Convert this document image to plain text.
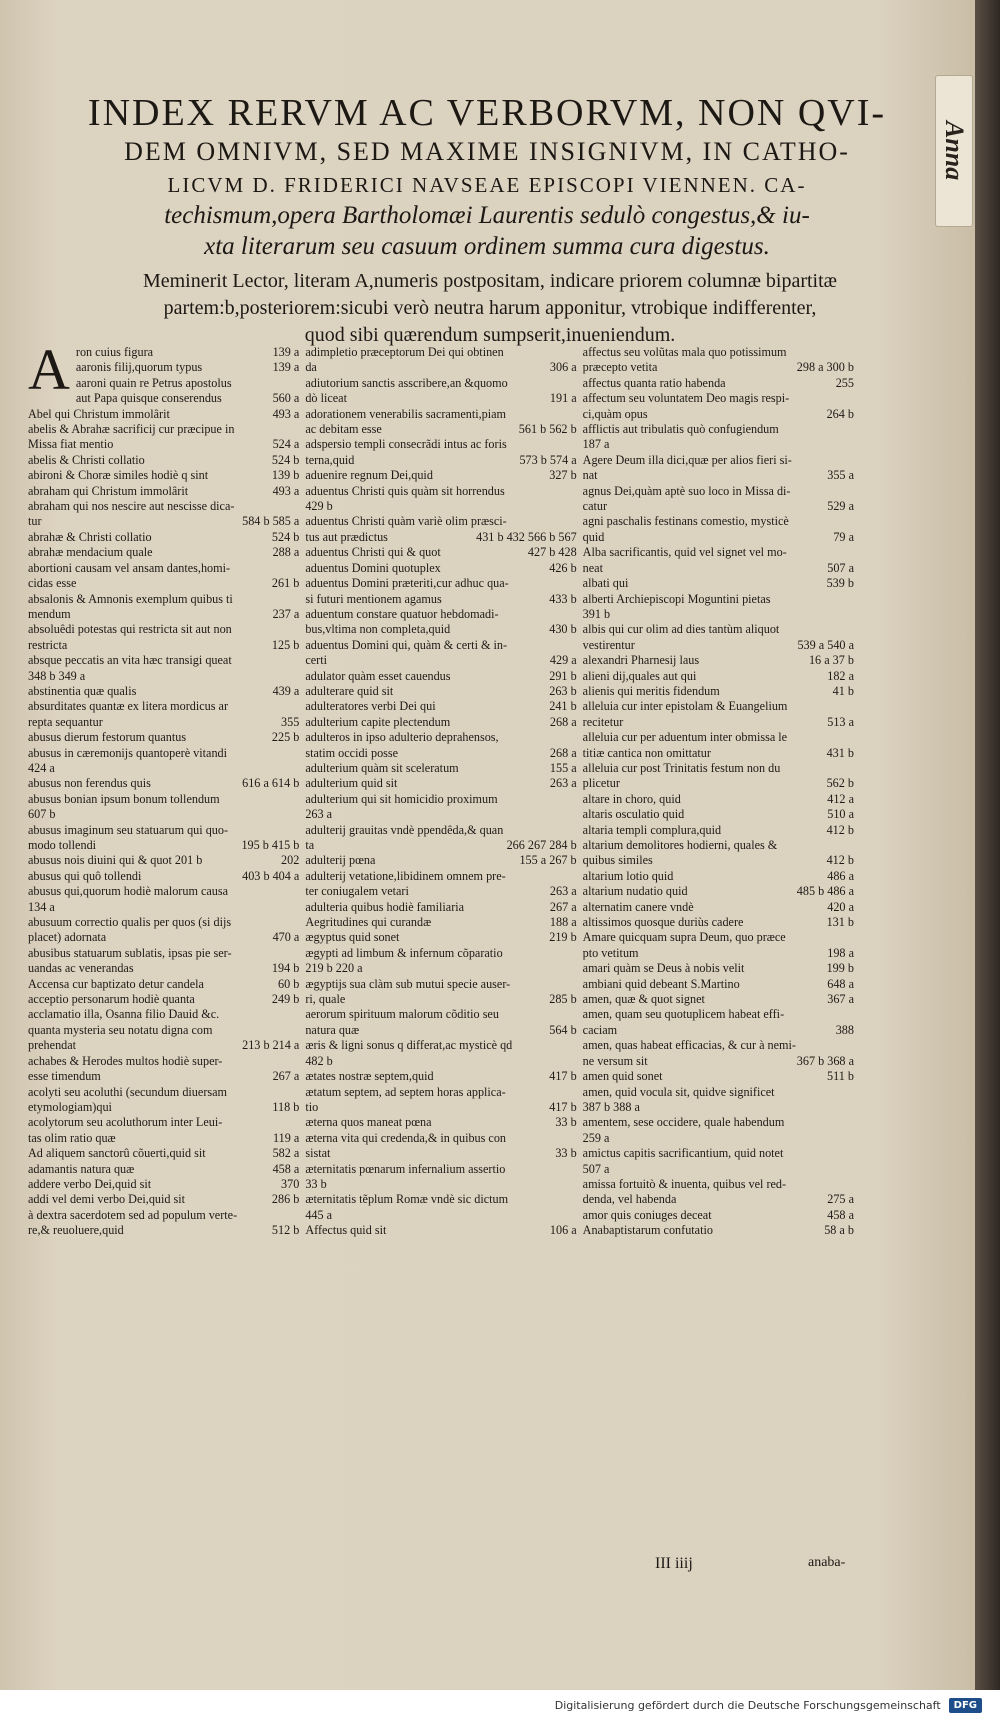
Anna
INDEX RERVM AC VERBORVM, NON QVI-
DEM OMNIVM, SED MAXIME INSIGNIVM, IN CATHO-
LICVM D. FRIDERICI NAVSEAE EPISCOPI VIENNEN. CA-
techismum,opera Bartholomæi Laurentis sedulò congestus,& iu-
xta literarum seu casuum ordinem summa cura digestus.
Meminerit Lector, literam A,numeris postpositam, indicare priorem columnæ bipartitæ
partem:b,posteriorem:sicubi verò neutra harum apponitur, vtrobique indifferenter,
quod sibi quærendum sumpserit,inueniendum.
A ron cuius figura	139 a
aaronis filij,quorum typus	139 a
aaroni quain re Petrus apostolus
aut Papa quisque conserendus	560 a
Abel qui Christum immolârit	493 a
abelis & Abrahæ sacrificij cur præcipue in
Missa fiat mentio	524 a
abelis & Christi collatio	524 b
abironi & Choræ similes hodiè q sint	139 b
abraham qui Christum immolârit	493 a
abraham qui nos nescire aut nescisse dica-
tur	584 b 585 a
abrahæ & Christi collatio	524 b
abrahæ mendacium quale	288 a
abortioni causam vel ansam dantes,homi-
cidas esse	261 b
absalonis & Amnonis exemplum quibus ti
mendum	237 a
absoluêdi potestas qui restricta sit aut non
restricta	125 b
absque peccatis an vita hæc transigi queat
348 b 349 a
abstinentia quæ qualis	439 a
absurditates quantæ ex litera mordicus ar
repta sequantur	355
abusus dierum festorum quantus	225 b
abusus in cæremonijs quantoperè vitandi
424 a
abusus non ferendus quis	616 a 614 b
abusus bonian ipsum bonum tollendum
607 b
abusus imaginum seu statuarum qui quo-
modo tollendi	195 b 415 b
abusus nois diuini qui & quot 201 b	202
abusus qui quô tollendi	403 b 404 a
abusus qui,quorum hodiè malorum causa
134 a
abusuum correctio qualis per quos (si dijs
placet) adornata	470 a
abusibus statuarum sublatis, ipsas pie ser-
uandas ac venerandas	194 b
Accensa cur baptizato detur candela	60 b
acceptio personarum hodiè quanta	249 b
acclamatio illa, Osanna filio Dauid &c.
quanta mysteria seu notatu digna com
prehendat	213 b 214 a
achabes & Herodes multos hodiè super-
esse timendum	267 a
acolyti seu acoluthi (secundum diuersam
etymologiam)qui	118 b
acolytorum seu acoluthorum inter Leui-
tas olim ratio quæ	119 a
Ad aliquem sanctorû cõuerti,quid sit	582 a
adamantis natura quæ	458 a
addere verbo Dei,quid sit	370
addi vel demi verbo Dei,quid sit	286 b
à dextra sacerdotem sed ad populum verte-
re,& reuoluere,quid	512 b
adimpletio præceptorum Dei qui obtinen
da	306 a
adiutorium sanctis asscribere,an &quomo
dò liceat	191 a
adorationem venerabilis sacramenti,piam
ac debitam esse	561 b 562 b
adspersio templi consecrãdi intus ac foris
terna,quid	573 b 574 a
aduenire regnum Dei,quid	327 b
aduentus Christi quis quàm sit horrendus
429 b
aduentus Christi quàm variè olim præsci-
tus aut prædictus	431 b 432 566 b 567
aduentus Christi qui & quot	427 b 428
aduentus Domini quotuplex	426 b
aduentus Domini præteriti,cur adhuc qua-
si futuri mentionem agamus	433 b
aduentum constare quatuor hebdomadi-
bus,vltima non completa,quid	430 b
aduentus Domini qui, quàm & certi & in-
certi	429 a
adulator quàm esset cauendus	291 b
adulterare quid sit	263 b
adulteratores verbi Dei qui	241 b
adulterium capite plectendum	268 a
adulteros in ipso adulterio deprahensos,
statim occidi posse	268 a
adulterium quàm sit sceleratum	155 a
adulterium quid sit	263 a
adulterium qui sit homicidio proximum
263 a
adulterij grauitas vndè ppendêda,& quan
ta	266 267 284 b
adulterij pœna	155 a 267 b
adulterij vetatione,libidinem omnem pre-
ter coniugalem vetari	263 a
adulteria quibus hodiè familiaria	267 a
Aegritudines qui curandæ	188 a
ægyptus quid sonet	219 b
ægypti ad limbum & infernum cõparatio
219 b 220 a
ægyptijs sua clàm sub mutui specie auser-
ri, quale	285 b
aerorum spirituum malorum cõditio seu
natura quæ	564 b
æris & ligni sonus q differat,ac mysticè qd
482 b
ætates nostræ septem,quid	417 b
ætatum septem, ad septem horas applica-
tio	417 b
æterna quos maneat pœna	33 b
æterna vita qui credenda,& in quibus con
sistat	33 b
æternitatis pœnarum infernalium assertio
33 b
æternitatis tẽplum Romæ vndè sic dictum
445 a
Affectus quid sit	106 a
affectus seu volũtas mala quo potissimum
præcepto vetita	298 a 300 b
affectus quanta ratio habenda	255
affectum seu voluntatem Deo magis respi-
ci,quàm opus	264 b
afflictis aut tribulatis quò confugiendum
187 a
Agere Deum illa dici,quæ per alios fieri si-
nat	355 a
agnus Dei,quàm aptè suo loco in Missa di-
catur	529 a
agni paschalis festinans comestio, mysticè
quid	79 a
Alba sacrificantis, quid vel signet vel mo-
neat	507 a
albati qui	539 b
alberti Archiepiscopi Moguntini pietas
391 b
albis qui cur olim ad dies tantùm aliquot
vestirentur	539 a 540 a
alexandri Pharnesij laus	16 a 37 b
alieni dij,quales aut qui	182 a
alienis qui meritis fidendum	41 b
alleluia cur inter epistolam & Euangelium
recitetur	513 a
alleluia cur per aduentum inter obmissa le
titiæ cantica non omittatur	431 b
alleluia cur post Trinitatis festum non du
plicetur	562 b
altare in choro, quid	412 a
altaris osculatio quid	510 a
altaria templi complura,quid	412 b
altarium demolitores hodierni, quales &
quibus similes	412 b
altarium lotio quid	486 a
altarium nudatio quid	485 b 486 a
alternatim canere vndè	420 a
altissimos quosque duriùs cadere	131 b
Amare quicquam supra Deum, quo præce
pto vetitum	198 a
amari quàm se Deus à nobis velit	199 b
ambiani quid debeant S.Martino	648 a
amen, quæ & quot signet	367 a
amen, quam seu quotuplicem habeat effi-
caciam	388
amen, quas habeat efficacias, & cur à nemi-
ne versum sit	367 b 368 a
amen quid sonet	511 b
amen, quid vocula sit, quidve significet
387 b 388 a
amentem, sese occidere, quale habendum
259 a
amictus capitis sacrificantium, quid notet
507 a
amissa fortuitò & inuenta, quibus vel red-
denda, vel habenda	275 a
amor quis coniuges deceat	458 a
Anabaptistarum confutatio	58 a b
III iiij	anaba-
Digitalisierung gefördert durch die Deutsche Forschungsgemeinschaft	DFG
